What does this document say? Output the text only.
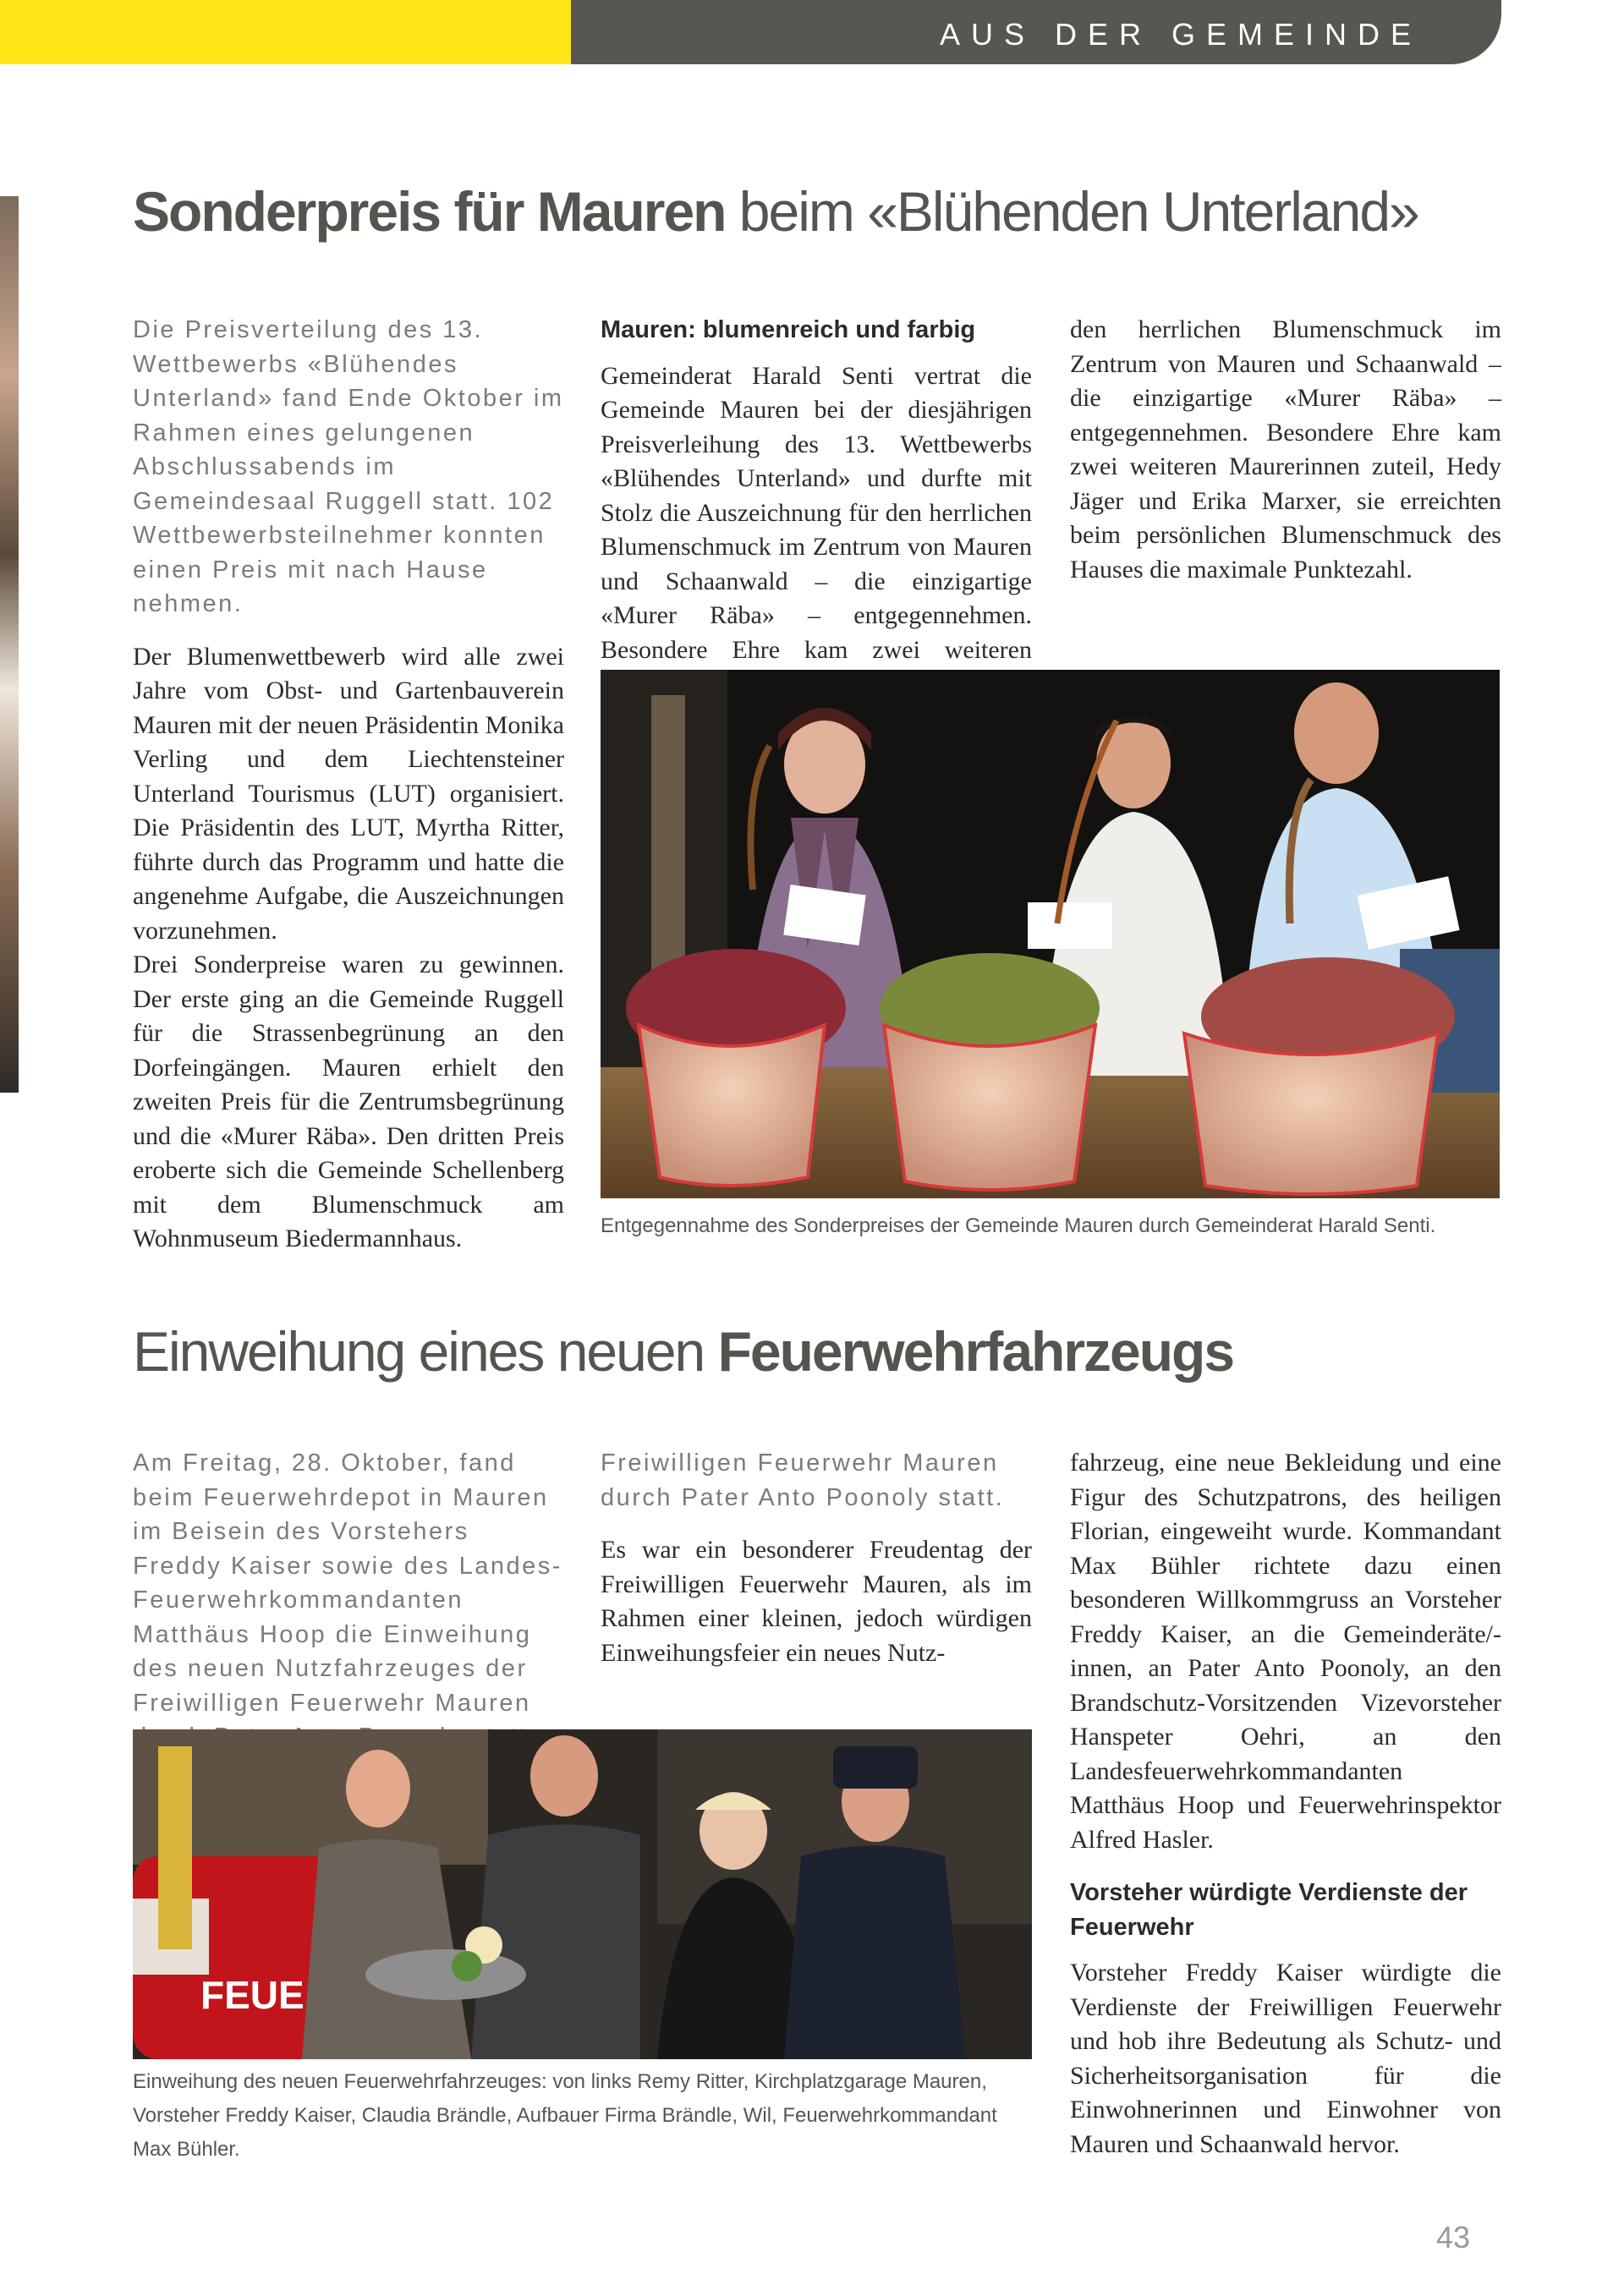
AUS DER GEMEINDE
Sonderpreis für Mauren beim «Blühenden Unterland»

Die Preisverteilung des 13. Wettbewerbs «Blühendes Unterland» fand Ende Oktober im Rahmen eines gelungenen Abschlussabends im Gemeindesaal Ruggell statt. 102 Wettbewerbsteilnehmer konnten einen Preis mit nach Hause nehmen.

Der Blumenwettbewerb wird alle zwei Jahre vom Obst- und Gartenbauverein Mauren mit der neuen Präsidentin Monika Verling und dem Liechtensteiner Unterland Tourismus (LUT) organisiert. Die Präsidentin des LUT, Myrtha Ritter, führte durch das Programm und hatte die angenehme Aufgabe, die Auszeichnungen vorzunehmen.

Drei Sonderpreise waren zu gewinnen. Der erste ging an die Gemeinde Ruggell für die Strassenbegrünung an den Dorfeingängen. Mauren erhielt den zweiten Preis für die Zentrumsbegrünung und die «Murer Räba». Den dritten Preis eroberte sich die Gemeinde Schellenberg mit dem Blumenschmuck am Wohnmuseum Biedermannhaus.

Mauren: blumenreich und farbig

Gemeinderat Harald Senti vertrat die Gemeinde Mauren bei der diesjährigen Preisverleihung des 13. Wettbewerbs «Blühendes Unterland» und durfte mit Stolz die Auszeichnung für den herrlichen Blumenschmuck im Zentrum von Mauren und Schaanwald – die einzigartige «Murer Räba» – entgegennehmen. Besondere Ehre kam zwei weiteren

Entgegennahme des Sonderpreises der Gemeinde Mauren durch Gemeinderat Harald Senti.

den herrlichen Blumenschmuck im Zentrum von Mauren und Schaanwald – die einzigartige «Murer Räba» – entgegennehmen. Besondere Ehre kam zwei weiteren Maurerinnen zuteil, Hedy Jäger und Erika Marxer, sie erreichten beim persönlichen Blumenschmuck des Hauses die maximale Punktezahl.

Einweihung eines neuen Feuerwehrfahrzeugs

Am Freitag, 28. Oktober, fand beim Feuerwehrdepot in Mauren im Beisein des Vorstehers Freddy Kaiser sowie des Landes-Feuerwehrkommandanten Matthäus Hoop die Einweihung des neuen Nutzfahrzeuges der Freiwilligen Feuerwehr Mauren

Freiwilligen Feuerwehr Mauren durch Pater Anto Poonoly statt.

Es war ein besonderer Freudentag der Freiwilligen Feuerwehr Mauren, als im Rahmen einer kleinen, jedoch würdigen Einweihungsfeier ein neues Nutz-

FEUE

Einweihung des neuen Feuerwehrfahrzeuges: von links Remy Ritter, Kirchplatzgarage Mauren, Vorsteher Freddy Kaiser, Claudia Brändle, Aufbauer Firma Brändle, Wil, Feuerwehrkommandant Max Bühler.

fahrzeug, eine neue Bekleidung und eine Figur des Schutzpatrons, des heiligen Florian, eingeweiht wurde. Kommandant Max Bühler richtete dazu einen besonderen Willkommgruss an Vorsteher Freddy Kaiser, an die Gemeinderäte/-innen, an Pater Anto Poonoly, an den Brandschutz-Vorsitzenden Vizevorsteher Hanspeter Oehri, an den Landesfeuerwehrkommandanten Matthäus Hoop und Feuerwehrinspektor Alfred Hasler.

Vorsteher würdigte Verdienste der Feuerwehr

Vorsteher Freddy Kaiser würdigte die Verdienste der Freiwilligen Feuerwehr und hob ihre Bedeutung als Schutz- und Sicherheitsorganisation für die Einwohnerinnen und Einwohner von Mauren und Schaanwald hervor.

43
